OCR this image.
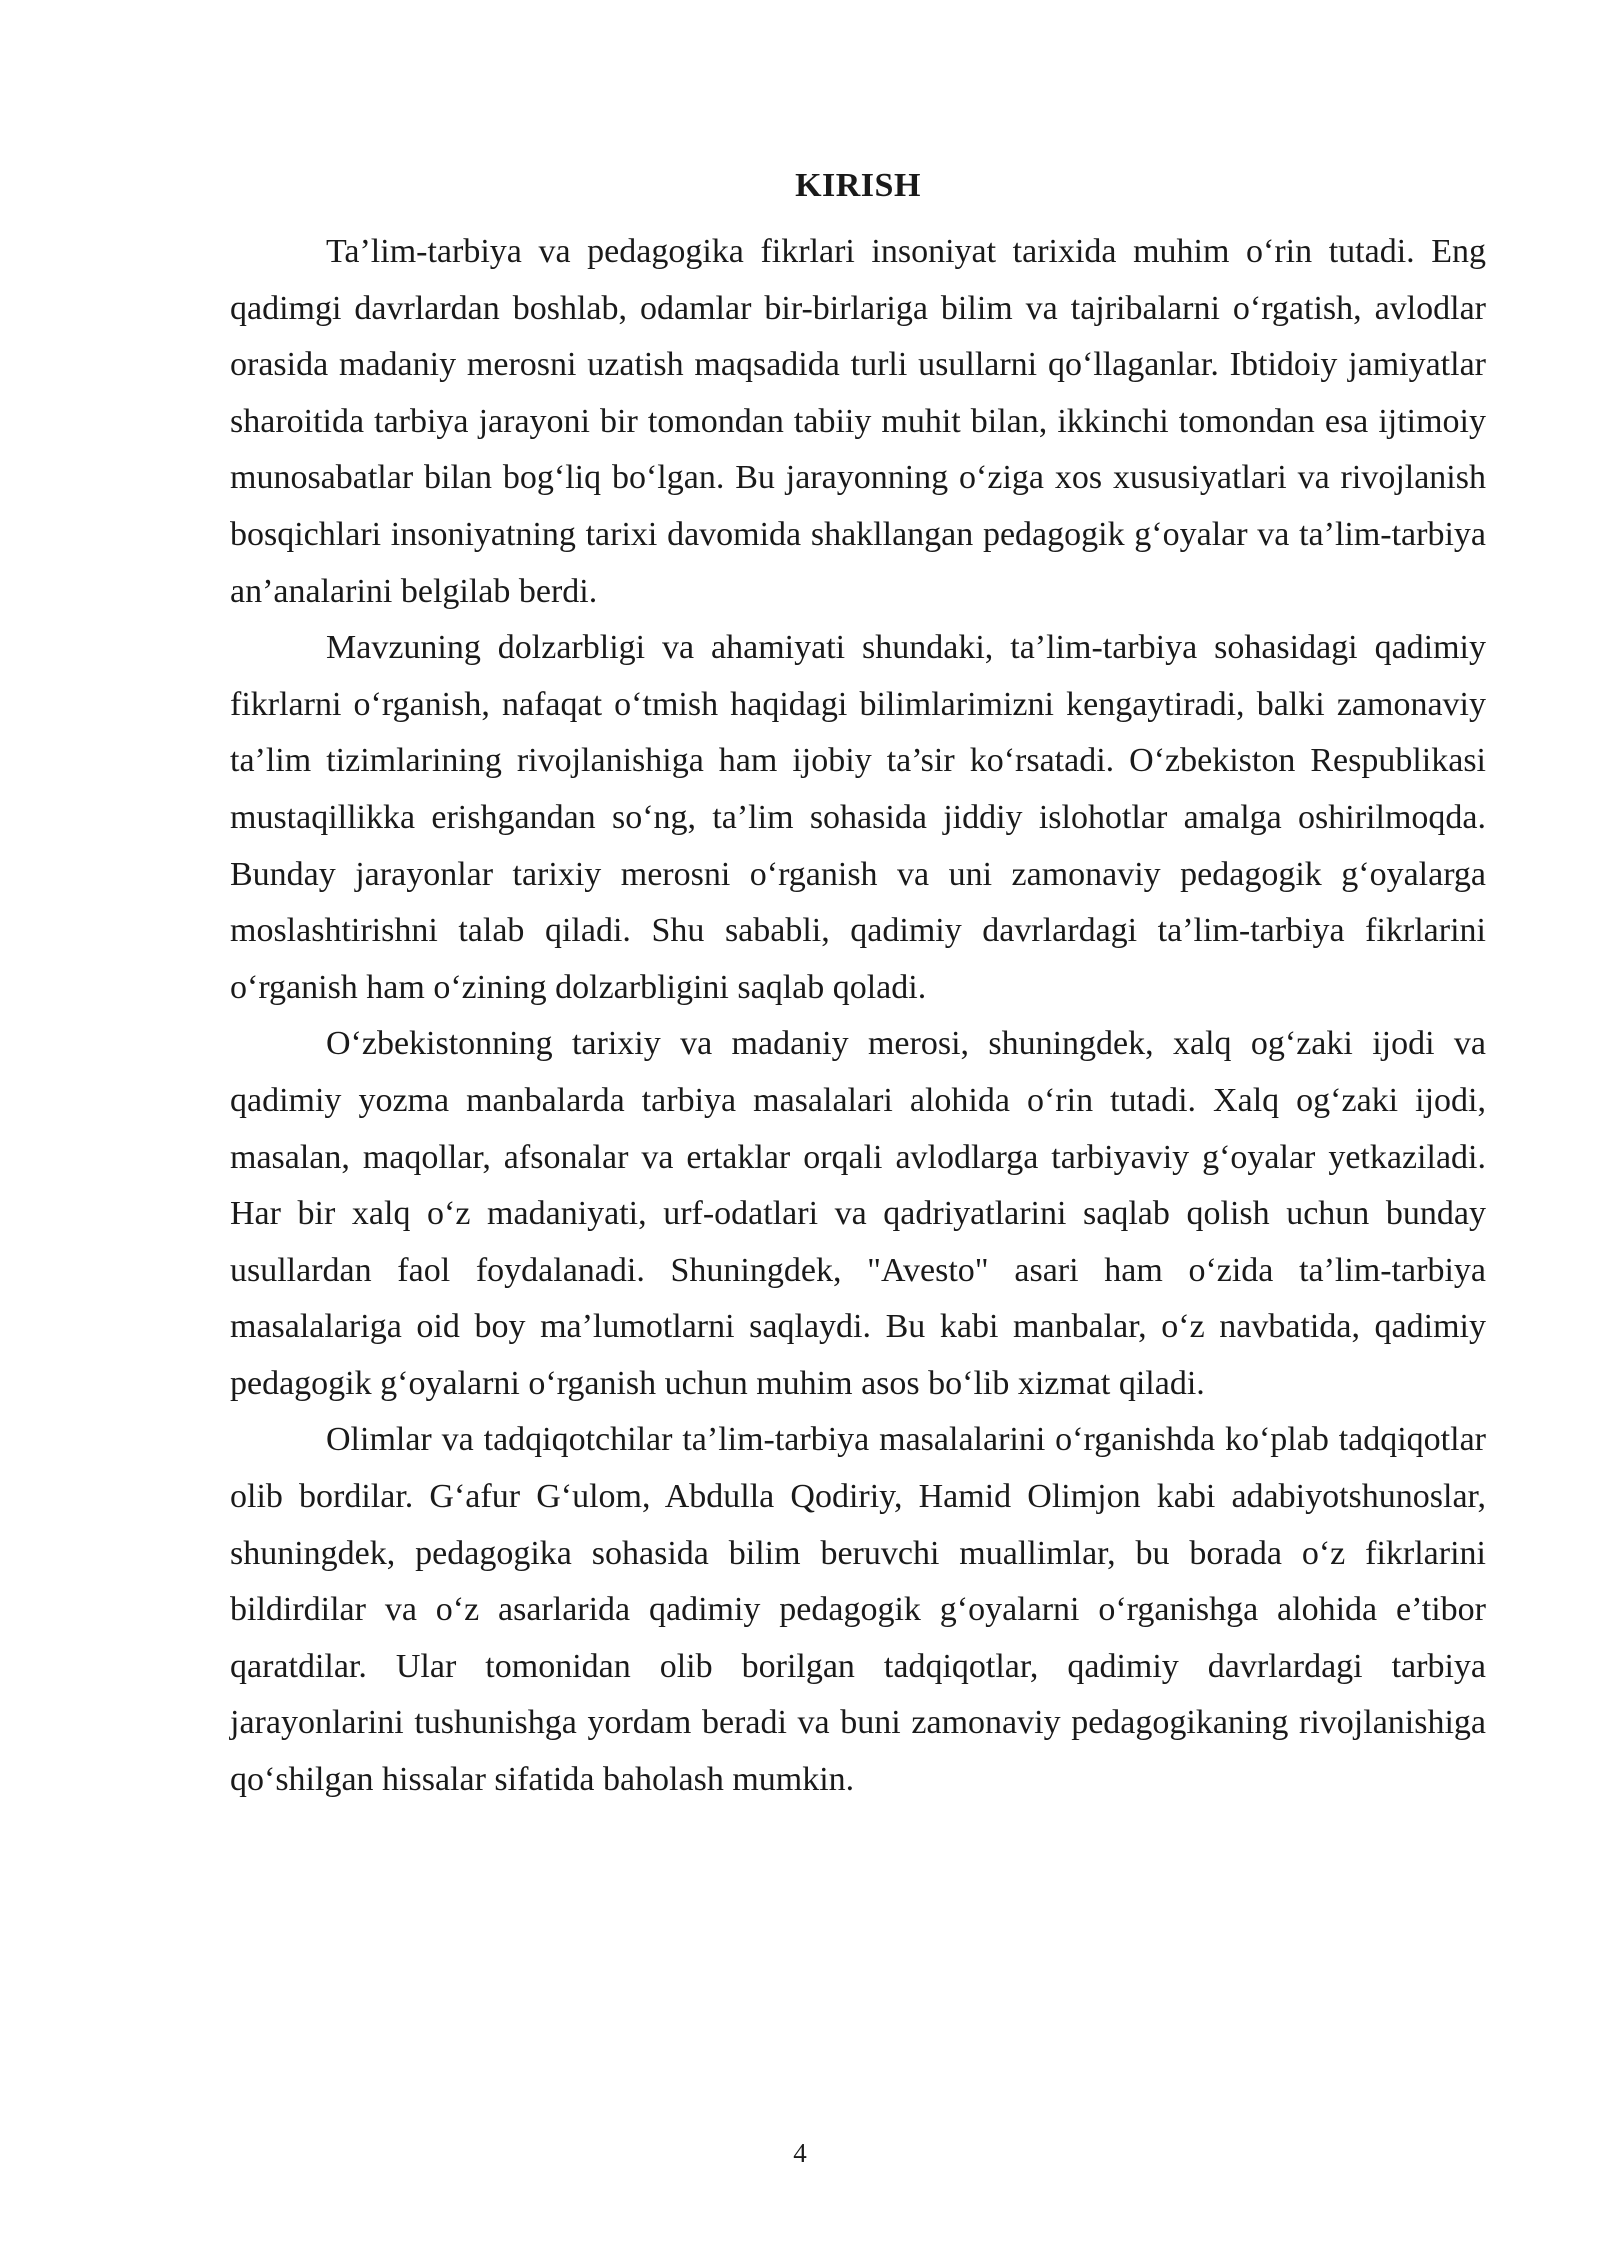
KIRISH

Ta’lim-tarbiya va pedagogika fikrlari insoniyat tarixida muhim o‘rin tutadi. Eng qadimgi davrlardan boshlab, odamlar bir-birlariga bilim va tajribalarni o‘rgatish, avlodlar orasida madaniy merosni uzatish maqsadida turli usullarni qo‘llaganlar. Ibtidoiy jamiyatlar sharoitida tarbiya jarayoni bir tomondan tabiiy muhit bilan, ikkinchi tomondan esa ijtimoiy munosabatlar bilan bog‘liq bo‘lgan. Bu jarayonning o‘ziga xos xususiyatlari va rivojlanish bosqichlari insoniyatning tarixi davomida shakllangan pedagogik g‘oyalar va ta’lim-tarbiya an’analarini belgilab berdi.

Mavzuning dolzarbligi va ahamiyati shundaki, ta’lim-tarbiya sohasidagi qadimiy fikrlarni o‘rganish, nafaqat o‘tmish haqidagi bilimlarimizni kengaytiradi, balki zamonaviy ta’lim tizimlarining rivojlanishiga ham ijobiy ta’sir ko‘rsatadi. O‘zbekiston Respublikasi mustaqillikka erishgandan so‘ng, ta’lim sohasida jiddiy islohotlar amalga oshirilmoqda. Bunday jarayonlar tarixiy merosni o‘rganish va uni zamonaviy pedagogik g‘oyalarga moslashtirishni talab qiladi. Shu sababli, qadimiy davrlardagi ta’lim-tarbiya fikrlarini o‘rganish ham o‘zining dolzarbligini saqlab qoladi.

O‘zbekistonning tarixiy va madaniy merosi, shuningdek, xalq og‘zaki ijodi va qadimiy yozma manbalarda tarbiya masalalari alohida o‘rin tutadi. Xalq og‘zaki ijodi, masalan, maqollar, afsonalar va ertaklar orqali avlodlarga tarbiyaviy g‘oyalar yetkaziladi. Har bir xalq o‘z madaniyati, urf-odatlari va qadriyatlarini saqlab qolish uchun bunday usullardan faol foydalanadi. Shuningdek, "Avesto" asari ham o‘zida ta’lim-tarbiya masalalariga oid boy ma’lumotlarni saqlaydi. Bu kabi manbalar, o‘z navbatida, qadimiy pedagogik g‘oyalarni o‘rganish uchun muhim asos bo‘lib xizmat qiladi.

Olimlar va tadqiqotchilar ta’lim-tarbiya masalalarini o‘rganishda ko‘plab tadqiqotlar olib bordilar. G‘afur G‘ulom, Abdulla Qodiriy, Hamid Olimjon kabi adabiyotshunoslar, shuningdek, pedagogika sohasida bilim beruvchi muallimlar, bu borada o‘z fikrlarini bildirdilar va o‘z asarlarida qadimiy pedagogik g‘oyalarni o‘rganishga alohida e’tibor qaratdilar. Ular tomonidan olib borilgan tadqiqotlar, qadimiy davrlardagi tarbiya jarayonlarini tushunishga yordam beradi va buni zamonaviy pedagogikaning rivojlanishiga qo‘shilgan hissalar sifatida baholash mumkin.

4
